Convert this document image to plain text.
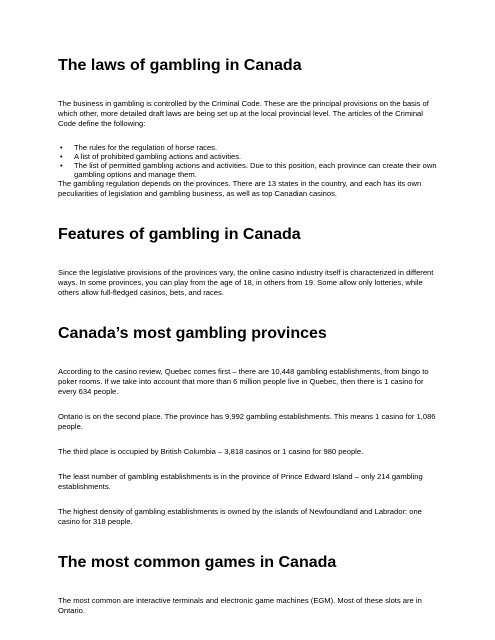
The laws of gambling in Canada

The business in gambling is controlled by the Criminal Code. These are the principal provisions on the basis of which other, more detailed draft laws are being set up at the local provincial level. The articles of the Criminal Code define the following:

• The rules for the regulation of horse races.
• A list of prohibited gambling actions and activities.
• The list of permitted gambling actions and activities. Due to this position, each province can create their own gambling options and manage them.

The gambling regulation depends on the provinces. There are 13 states in the country, and each has its own peculiarities of legislation and gambling business, as well as top Canadian casinos.

Features of gambling in Canada

Since the legislative provisions of the provinces vary, the online casino industry itself is characterized in different ways. In some provinces, you can play from the age of 18, in others from 19. Some allow only lotteries, while others allow full-fledged casinos, bets, and races.

Canada’s most gambling provinces

According to the casino review, Quebec comes first – there are 10,448 gambling establishments, from bingo to poker rooms. If we take into account that more than 6 million people live in Quebec, then there is 1 casino for every 634 people.

Ontario is on the second place. The province has 9,992 gambling establishments. This means 1 casino for 1,086 people.

The third place is occupied by British Columbia – 3,818 casinos or 1 casino for 980 people.

The least number of gambling establishments is in the province of Prince Edward Island – only 214 gambling establishments.

The highest density of gambling establishments is owned by the islands of Newfoundland and Labrador: one casino for 318 people.

The most common games in Canada

The most common are interactive terminals and electronic game machines (EGM). Most of these slots are in Ontario.
